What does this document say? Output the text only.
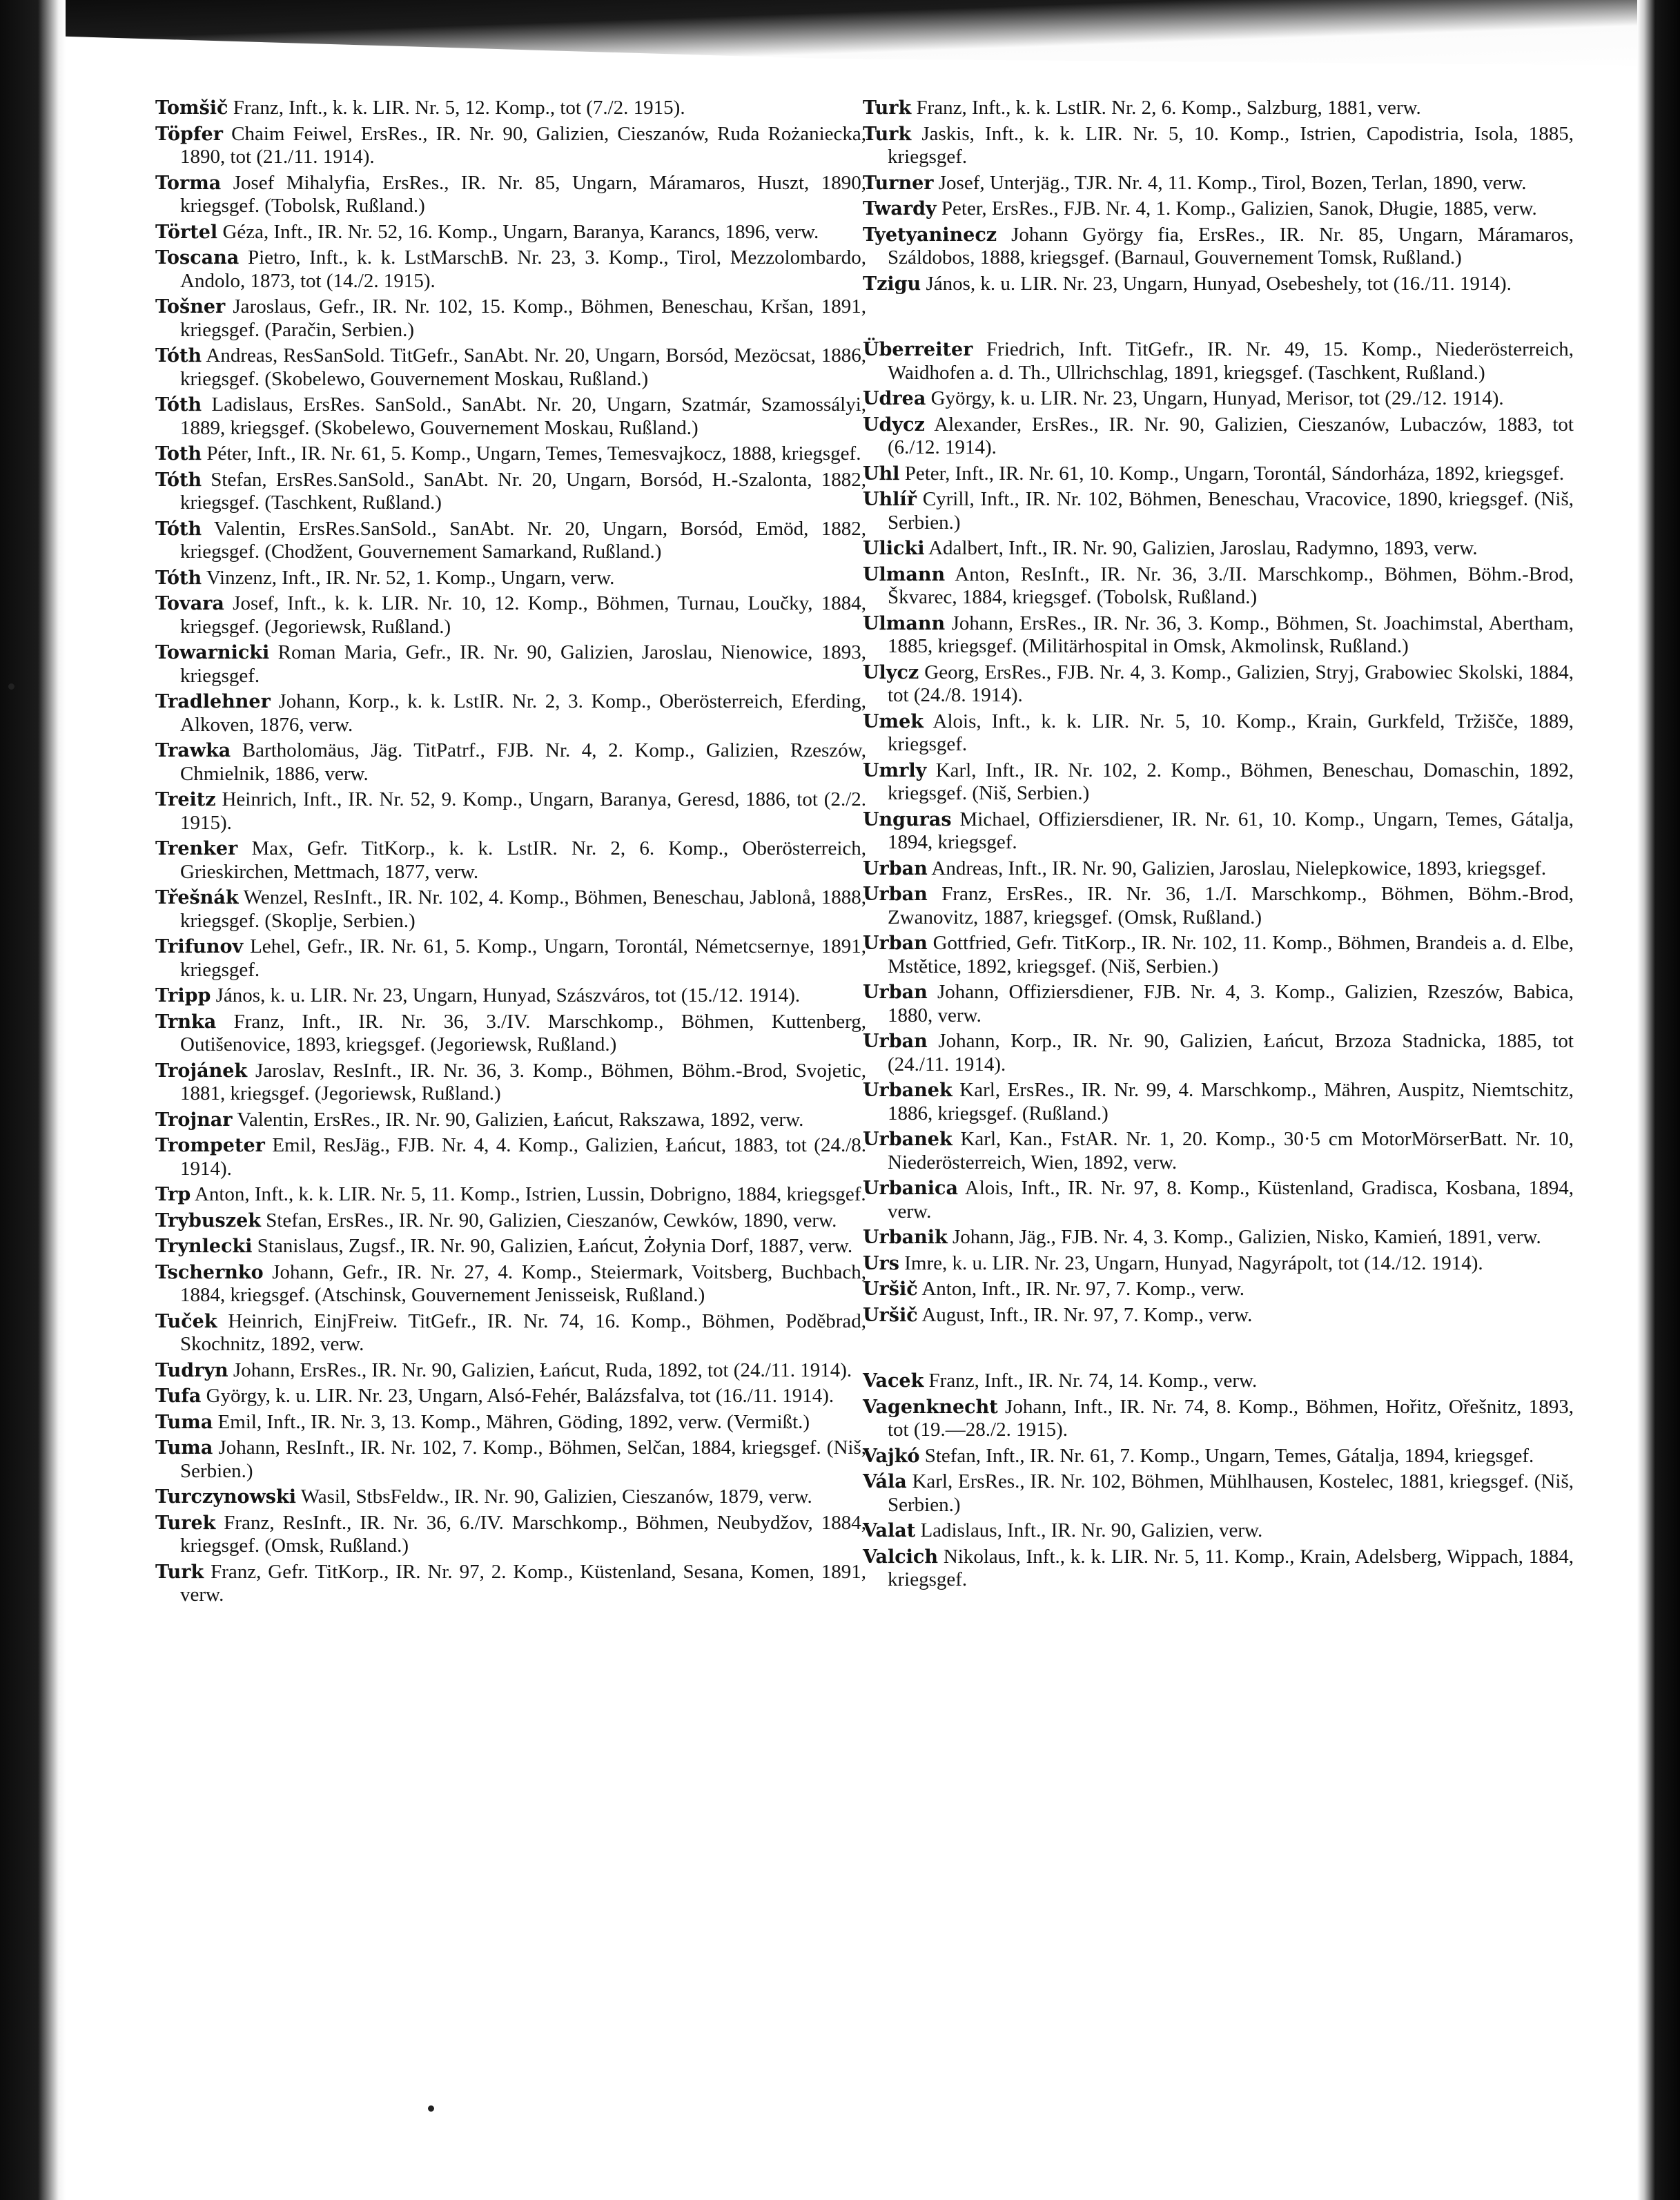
Tomšič Franz, Inft., k. k. LIR. Nr. 5, 12. Komp., tot (7./2. 1915).

Töpfer Chaim Feiwel, ErsRes., IR. Nr. 90, Galizien, Cieszanów, Ruda Rożaniecka, 1890, tot (21./11. 1914).

Torma Josef Mihalyfia, ErsRes., IR. Nr. 85, Ungarn, Máramaros, Huszt, 1890, kriegsgef. (Tobolsk, Rußland.)

Törtel Géza, Inft., IR. Nr. 52, 16. Komp., Ungarn, Baranya, Karancs, 1896, verw.

Toscana Pietro, Inft., k. k. LstMarschB. Nr. 23, 3. Komp., Tirol, Mezzolombardo, Andolo, 1873, tot (14./2. 1915).

Tošner Jaroslaus, Gefr., IR. Nr. 102, 15. Komp., Böhmen, Beneschau, Kršan, 1891, kriegsgef. (Paračin, Serbien.)

Tóth Andreas, ResSanSold. TitGefr., SanAbt. Nr. 20, Ungarn, Borsód, Mezöcsat, 1886, kriegsgef. (Skobelewo, Gouvernement Moskau, Rußland.)

Tóth Ladislaus, ErsRes. SanSold., SanAbt. Nr. 20, Ungarn, Szatmár, Szamossályi, 1889, kriegsgef. (Skobelewo, Gouvernement Moskau, Rußland.)

Toth Péter, Inft., IR. Nr. 61, 5. Komp., Ungarn, Temes, Temesvajkocz, 1888, kriegsgef.

Tóth Stefan, ErsRes.SanSold., SanAbt. Nr. 20, Ungarn, Borsód, H.-Szalonta, 1882, kriegsgef. (Taschkent, Rußland.)

Tóth Valentin, ErsRes.SanSold., SanAbt. Nr. 20, Ungarn, Borsód, Emöd, 1882, kriegsgef. (Chodžent, Gouvernement Samarkand, Rußland.)

Tóth Vinzenz, Inft., IR. Nr. 52, 1. Komp., Ungarn, verw.

Tovara Josef, Inft., k. k. LIR. Nr. 10, 12. Komp., Böhmen, Turnau, Loučky, 1884, kriegsgef. (Jegoriewsk, Rußland.)

Towarnicki Roman Maria, Gefr., IR. Nr. 90, Galizien, Jaroslau, Nienowice, 1893, kriegsgef.

Tradlehner Johann, Korp., k. k. LstIR. Nr. 2, 3. Komp., Oberösterreich, Eferding, Alkoven, 1876, verw.

Trawka Bartholomäus, Jäg. TitPatrf., FJB. Nr. 4, 2. Komp., Galizien, Rzeszów, Chmielnik, 1886, verw.

Treitz Heinrich, Inft., IR. Nr. 52, 9. Komp., Ungarn, Baranya, Geresd, 1886, tot (2./2. 1915).

Trenker Max, Gefr. TitKorp., k. k. LstIR. Nr. 2, 6. Komp., Oberösterreich, Grieskirchen, Mettmach, 1877, verw.

Třešnák Wenzel, ResInft., IR. Nr. 102, 4. Komp., Böhmen, Beneschau, Jablonå, 1888, kriegsgef. (Skoplje, Serbien.)

Trifunov Lehel, Gefr., IR. Nr. 61, 5. Komp., Ungarn, Torontál, Németcsernye, 1891, kriegsgef.

Tripp János, k. u. LIR. Nr. 23, Ungarn, Hunyad, Szászváros, tot (15./12. 1914).

Trnka Franz, Inft., IR. Nr. 36, 3./IV. Marschkomp., Böhmen, Kuttenberg, Outišenovice, 1893, kriegsgef. (Jegoriewsk, Rußland.)

Trojánek Jaroslav, ResInft., IR. Nr. 36, 3. Komp., Böhmen, Böhm.-Brod, Svojetic, 1881, kriegsgef. (Jegoriewsk, Rußland.)

Trojnar Valentin, ErsRes., IR. Nr. 90, Galizien, Łańcut, Rakszawa, 1892, verw.

Trompeter Emil, ResJäg., FJB. Nr. 4, 4. Komp., Galizien, Łańcut, 1883, tot (24./8. 1914).

Trp Anton, Inft., k. k. LIR. Nr. 5, 11. Komp., Istrien, Lussin, Dobrigno, 1884, kriegsgef.

Trybuszek Stefan, ErsRes., IR. Nr. 90, Galizien, Cieszanów, Cewków, 1890, verw.

Trynlecki Stanislaus, Zugsf., IR. Nr. 90, Galizien, Łańcut, Żołynia Dorf, 1887, verw.

Tschernko Johann, Gefr., IR. Nr. 27, 4. Komp., Steiermark, Voitsberg, Buchbach, 1884, kriegsgef. (Atschinsk, Gouvernement Jenisseisk, Rußland.)

Tuček Heinrich, EinjFreiw. TitGefr., IR. Nr. 74, 16. Komp., Böhmen, Poděbrad, Skochnitz, 1892, verw.

Tudryn Johann, ErsRes., IR. Nr. 90, Galizien, Łańcut, Ruda, 1892, tot (24./11. 1914).

Tufa György, k. u. LIR. Nr. 23, Ungarn, Alsó-Fehér, Balázsfalva, tot (16./11. 1914).

Tuma Emil, Inft., IR. Nr. 3, 13. Komp., Mähren, Göding, 1892, verw. (Vermißt.)

Tuma Johann, ResInft., IR. Nr. 102, 7. Komp., Böhmen, Selčan, 1884, kriegsgef. (Niš, Serbien.)

Turczynowski Wasil, StbsFeldw., IR. Nr. 90, Galizien, Cieszanów, 1879, verw.

Turek Franz, ResInft., IR. Nr. 36, 6./IV. Marschkomp., Böhmen, Neubydžov, 1884, kriegsgef. (Omsk, Rußland.)

Turk Franz, Gefr. TitKorp., IR. Nr. 97, 2. Komp., Küstenland, Sesana, Komen, 1891, verw.

Turk Franz, Inft., k. k. LstIR. Nr. 2, 6. Komp., Salzburg, 1881, verw.

Turk Jaskis, Inft., k. k. LIR. Nr. 5, 10. Komp., Istrien, Capodistria, Isola, 1885, kriegsgef.

Turner Josef, Unterjäg., TJR. Nr. 4, 11. Komp., Tirol, Bozen, Terlan, 1890, verw.

Twardy Peter, ErsRes., FJB. Nr. 4, 1. Komp., Galizien, Sanok, Długie, 1885, verw.

Tyetyaninecz Johann György fia, ErsRes., IR. Nr. 85, Ungarn, Máramaros, Száldobos, 1888, kriegsgef. (Barnaul, Gouvernement Tomsk, Rußland.)

Tzigu János, k. u. LIR. Nr. 23, Ungarn, Hunyad, Osebeshely, tot (16./11. 1914).

Überreiter Friedrich, Inft. TitGefr., IR. Nr. 49, 15. Komp., Niederösterreich, Waidhofen a. d. Th., Ullrichschlag, 1891, kriegsgef. (Taschkent, Rußland.)

Udrea György, k. u. LIR. Nr. 23, Ungarn, Hunyad, Merisor, tot (29./12. 1914).

Udycz Alexander, ErsRes., IR. Nr. 90, Galizien, Cieszanów, Lubaczów, 1883, tot (6./12. 1914).

Uhl Peter, Inft., IR. Nr. 61, 10. Komp., Ungarn, Torontál, Sándorháza, 1892, kriegsgef.

Uhlíř Cyrill, Inft., IR. Nr. 102, Böhmen, Beneschau, Vracovice, 1890, kriegsgef. (Niš, Serbien.)

Ulicki Adalbert, Inft., IR. Nr. 90, Galizien, Jaroslau, Radymno, 1893, verw.

Ulmann Anton, ResInft., IR. Nr. 36, 3./II. Marschkomp., Böhmen, Böhm.-Brod, Škvarec, 1884, kriegsgef. (Tobolsk, Rußland.)

Ulmann Johann, ErsRes., IR. Nr. 36, 3. Komp., Böhmen, St. Joachimstal, Abertham, 1885, kriegsgef. (Militärhospital in Omsk, Akmolinsk, Rußland.)

Ulycz Georg, ErsRes., FJB. Nr. 4, 3. Komp., Galizien, Stryj, Grabowiec Skolski, 1884, tot (24./8. 1914).

Umek Alois, Inft., k. k. LIR. Nr. 5, 10. Komp., Krain, Gurkfeld, Tržišče, 1889, kriegsgef.

Umrly Karl, Inft., IR. Nr. 102, 2. Komp., Böhmen, Beneschau, Domaschin, 1892, kriegsgef. (Niš, Serbien.)

Unguras Michael, Offiziersdiener, IR. Nr. 61, 10. Komp., Ungarn, Temes, Gátalja, 1894, kriegsgef.

Urban Andreas, Inft., IR. Nr. 90, Galizien, Jaroslau, Nielepkowice, 1893, kriegsgef.

Urban Franz, ErsRes., IR. Nr. 36, 1./I. Marschkomp., Böhmen, Böhm.-Brod, Zwanovitz, 1887, kriegsgef. (Omsk, Rußland.)

Urban Gottfried, Gefr. TitKorp., IR. Nr. 102, 11. Komp., Böhmen, Brandeis a. d. Elbe, Mstětice, 1892, kriegsgef. (Niš, Serbien.)

Urban Johann, Offiziersdiener, FJB. Nr. 4, 3. Komp., Galizien, Rzeszów, Babica, 1880, verw.

Urban Johann, Korp., IR. Nr. 90, Galizien, Łańcut, Brzoza Stadnicka, 1885, tot (24./11. 1914).

Urbanek Karl, ErsRes., IR. Nr. 99, 4. Marschkomp., Mähren, Auspitz, Niemtschitz, 1886, kriegsgef. (Rußland.)

Urbanek Karl, Kan., FstAR. Nr. 1, 20. Komp., 30·5 cm MotorMörserBatt. Nr. 10, Niederösterreich, Wien, 1892, verw.

Urbanica Alois, Inft., IR. Nr. 97, 8. Komp., Küstenland, Gradisca, Kosbana, 1894, verw.

Urbanik Johann, Jäg., FJB. Nr. 4, 3. Komp., Galizien, Nisko, Kamień, 1891, verw.

Urs Imre, k. u. LIR. Nr. 23, Ungarn, Hunyad, Nagyrápolt, tot (14./12. 1914).

Uršič Anton, Inft., IR. Nr. 97, 7. Komp., verw.

Uršič August, Inft., IR. Nr. 97, 7. Komp., verw.

Vacek Franz, Inft., IR. Nr. 74, 14. Komp., verw.

Vagenknecht Johann, Inft., IR. Nr. 74, 8. Komp., Böhmen, Hořitz, Ořešnitz, 1893, tot (19.—28./2. 1915).

Vajkó Stefan, Inft., IR. Nr. 61, 7. Komp., Ungarn, Temes, Gátalja, 1894, kriegsgef.

Vála Karl, ErsRes., IR. Nr. 102, Böhmen, Mühlhausen, Kostelec, 1881, kriegsgef. (Niš, Serbien.)

Valat Ladislaus, Inft., IR. Nr. 90, Galizien, verw.

Valcich Nikolaus, Inft., k. k. LIR. Nr. 5, 11. Komp., Krain, Adelsberg, Wippach, 1884, kriegsgef.
